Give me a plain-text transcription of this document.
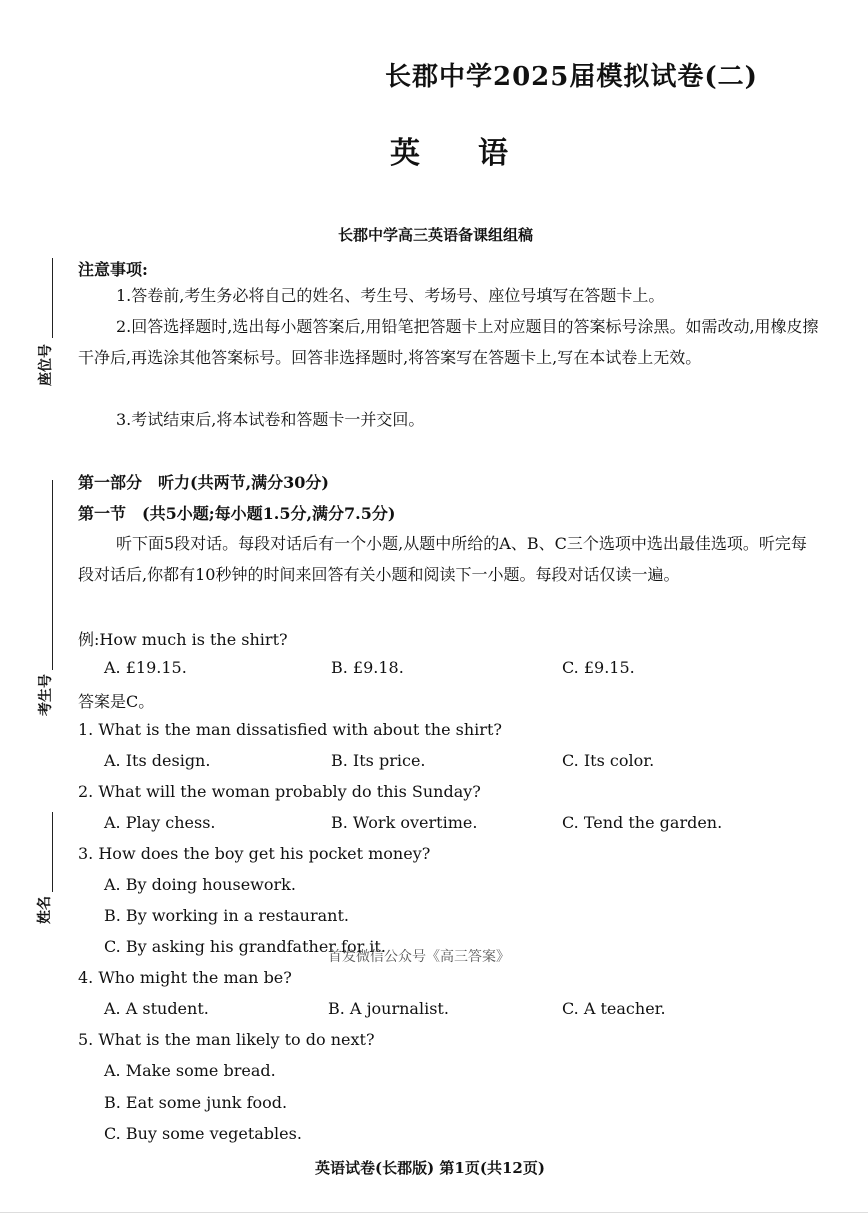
座位号
考生号
姓名
长郡中学2025届模拟试卷(二)
英语
长郡中学高三英语备课组组稿
注意事项:
1.答卷前,考生务必将自己的姓名、考生号、考场号、座位号填写在答题卡上。
2.回答选择题时,选出每小题答案后,用铅笔把答题卡上对应题目的答案标号涂黑。如需改动,用橡皮擦干净后,再选涂其他答案标号。回答非选择题时,将答案写在答题卡上,写在本试卷上无效。
3.考试结束后,将本试卷和答题卡一并交回。
第一部分　听力(共两节,满分30分)
第一节　(共5小题;每小题1.5分,满分7.5分)
听下面5段对话。每段对话后有一个小题,从题中所给的A、B、C三个选项中选出最佳选项。听完每段对话后,你都有10秒钟的时间来回答有关小题和阅读下一小题。每段对话仅读一遍。
例:How much is the shirt?
A. £19.15.	B. £9.18.	C. £9.15.
答案是C。
1. What is the man dissatisfied with about the shirt?
A. Its design.	B. Its price.	C. Its color.
2. What will the woman probably do this Sunday?
A. Play chess.	B. Work overtime.	C. Tend the garden.
3. How does the boy get his pocket money?
A. By doing housework.
B. By working in a restaurant.
C. By asking his grandfather for it.
首发微信公众号《高三答案》
4. Who might the man be?
A. A student.	B. A journalist.	C. A teacher.
5. What is the man likely to do next?
A. Make some bread.
B. Eat some junk food.
C. Buy some vegetables.
英语试卷(长郡版) 第1页(共12页)
